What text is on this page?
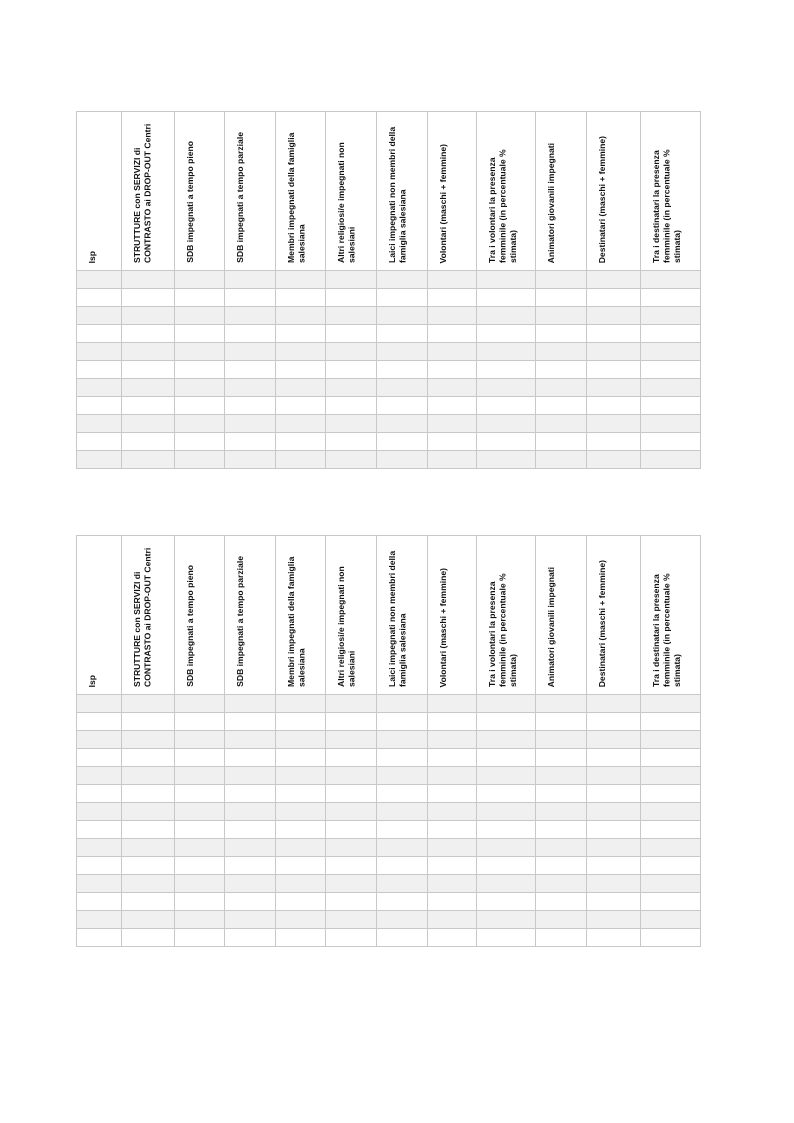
Isp	STRUTTURE con SERVIZI di CONTRASTO ai DROP-OUT Centri	SDB impegnati a tempo pieno	SDB impegnati a tempo parziale	Membri impegnati della famiglia salesiana	Altri religiosi/e impegnati non salesiani	Laici impegnati non membri della famiglia salesiana	Volontari (maschi + femmine)	Tra i volontari la presenza femminile (in percentuale % stimata)	Animatori giovanili impegnati	Destinatari (maschi + femmine)	Tra i destinatari la presenza femminile (in percentuale % stimata)

Isp	STRUTTURE con SERVIZI di CONTRASTO ai DROP-OUT Centri	SDB impegnati a tempo pieno	SDB impegnati a tempo parziale	Membri impegnati della famiglia salesiana	Altri religiosi/e impegnati non salesiani	Laici impegnati non membri della famiglia salesiana	Volontari (maschi + femmine)	Tra i volontari la presenza femminile (in percentuale % stimata)	Animatori giovanili impegnati	Destinatari (maschi + femmine)	Tra i destinatari la presenza femminile (in percentuale % stimata)
